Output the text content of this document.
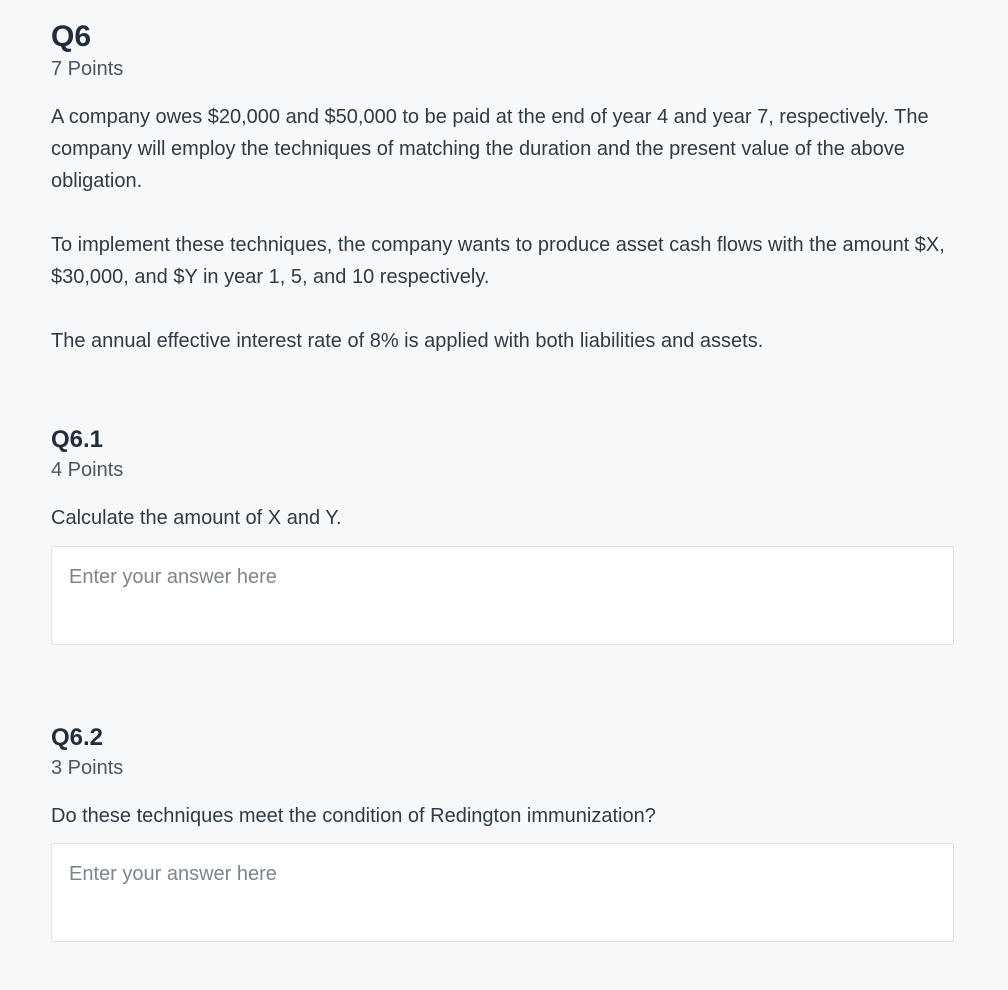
Q6
7 Points

A company owes $20,000 and $50,000 to be paid at the end of year 4 and year 7, respectively. The company will employ the techniques of matching the duration and the present value of the above obligation.

To implement these techniques, the company wants to produce asset cash flows with the amount $X, $30,000, and $Y in year 1, 5, and 10 respectively.

The annual effective interest rate of 8% is applied with both liabilities and assets.

Q6.1
4 Points

Calculate the amount of X and Y.

Enter your answer here
Q6.2
3 Points

Do these techniques meet the condition of Redington immunization?

Enter your answer here
